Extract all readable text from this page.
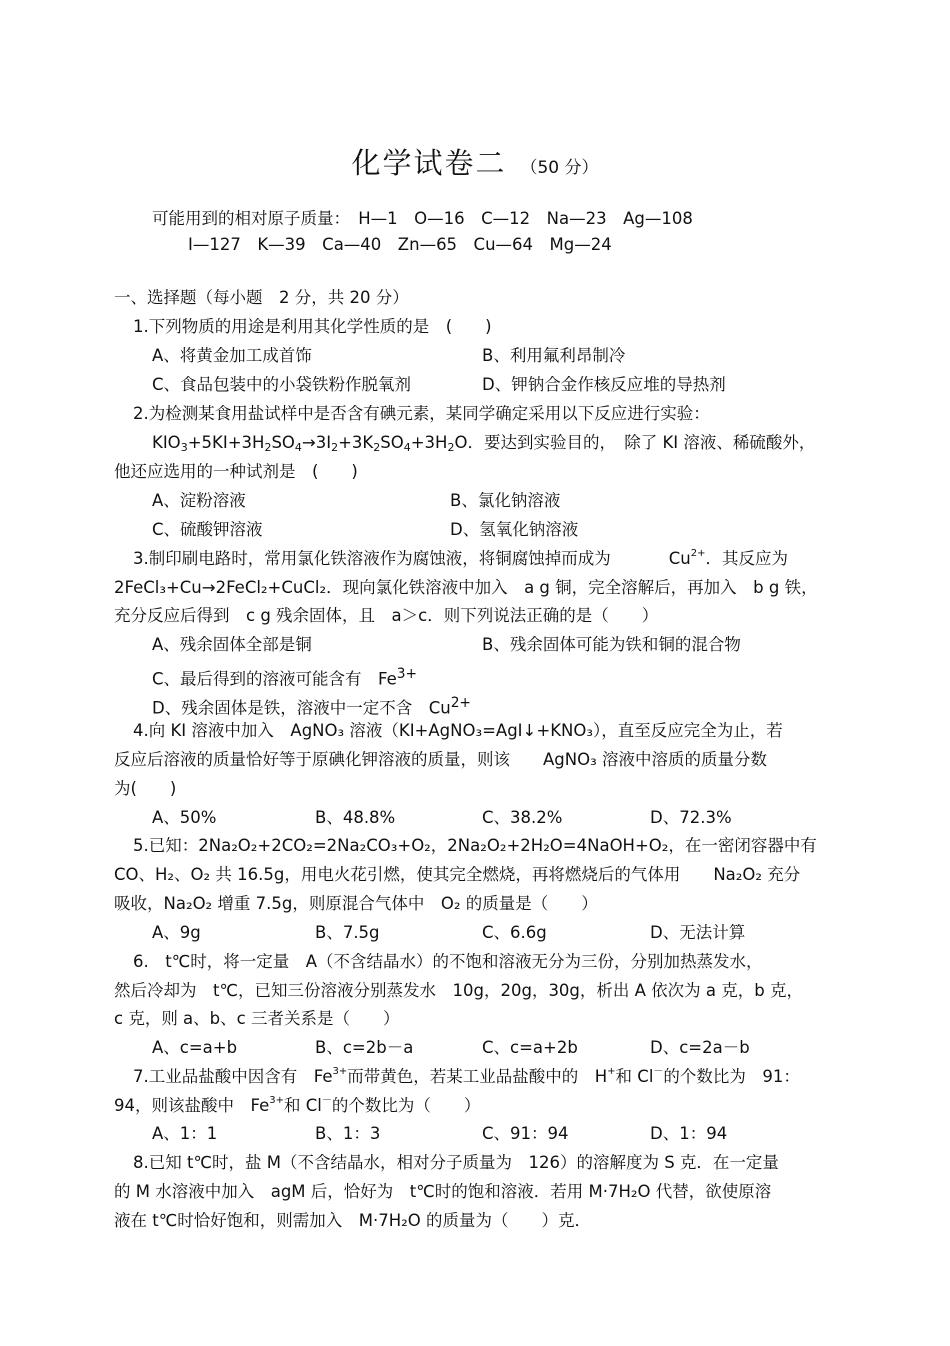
化学试卷二 （50 分）
可能用到的相对原子质量：　H—1　O—16　C—12　Na—23　Ag—108
I—127　K—39　Ca—40　Zn—65　Cu—64　Mg—24
一、选择题（每小题　2 分，共 20 分）
1.下列物质的用途是利用其化学性质的是　(　　)
A、将黄金加工成首饰	B、利用氟利昂制冷
C、食品包装中的小袋铁粉作脱氧剂	D、钾钠合金作核反应堆的导热剂
2.为检测某食用盐试样中是否含有碘元素，某同学确定采用以下反应进行实验：
$KIO_3+5KI+3H_2SO_4\to 3I_2+3K_2SO_4+3H_2O$．要达到实验目的，　除了 KI 溶液、稀硫酸外，
他还应选用的一种试剂是　(　　)
A、淀粉溶液	B、氯化钠溶液
C、硫酸钾溶液	D、氢氧化钠溶液
3.制印刷电路时，常用氯化铁溶液作为腐蚀液，将铜腐蚀掉而成为	$Cu^{2+}$．其反应为
2FeCl₃+Cu→2FeCl₂+CuCl₂．现向氯化铁溶液中加入　a g 铜，完全溶解后，再加入　b g 铁，
充分反应后得到　c g 残余固体，且　a＞c．则下列说法正确的是（　　）
A、残余固体全部是铜	B、残余固体可能为铁和铜的混合物
C、最后得到的溶液可能含有　$Fe^{3+}$
D、残余固体是铁，溶液中一定不含　$Cu^{2+}$
4.向 KI 溶液中加入　AgNO₃ 溶液（KI+AgNO₃=AgI↓+KNO₃），直至反应完全为止，若
反应后溶液的质量恰好等于原碘化钾溶液的质量，则该　　AgNO₃ 溶液中溶质的质量分数
为(　　)
A、50%	B、48.8%	C、38.2%	D、72.3%
5.已知：2Na₂O₂+2CO₂=2Na₂CO₃+O₂，2Na₂O₂+2H₂O=4NaOH+O₂，在一密闭容器中有
CO、H₂、O₂ 共 16.5g，用电火花引燃，使其完全燃烧，再将燃烧后的气体用　　Na₂O₂ 充分
吸收，Na₂O₂ 增重 7.5g，则原混合气体中　O₂ 的质量是（　　）
A、9g	B、7.5g	C、6.6g	D、无法计算
6.　t℃时，将一定量　A（不含结晶水）的不饱和溶液无分为三份，分别加热蒸发水，
然后冷却为　t℃，已知三份溶液分别蒸发水　10g，20g，30g，析出 A 依次为 a 克，b 克，
c 克，则 a、b、c 三者关系是（　　）
A、c=a+b	B、c=2b－a	C、c=a+2b	D、c=2a－b
7.工业品盐酸中因含有　$Fe^{3+}$而带黄色，若某工业品盐酸中的　H+和 Cl－的个数比为　91：
94，则该盐酸中　$Fe^{3+}$和 Cl－的个数比为（　　）
A、1：1	B、1：3	C、91：94	D、1：94
8.已知 t℃时，盐 M（不含结晶水，相对分子质量为　126）的溶解度为 S 克．在一定量
的 M 水溶液中加入　agM 后，恰好为　t℃时的饱和溶液．若用 M·7H₂O 代替，欲使原溶
液在 t℃时恰好饱和，则需加入　M·7H₂O 的质量为（　　）克．
